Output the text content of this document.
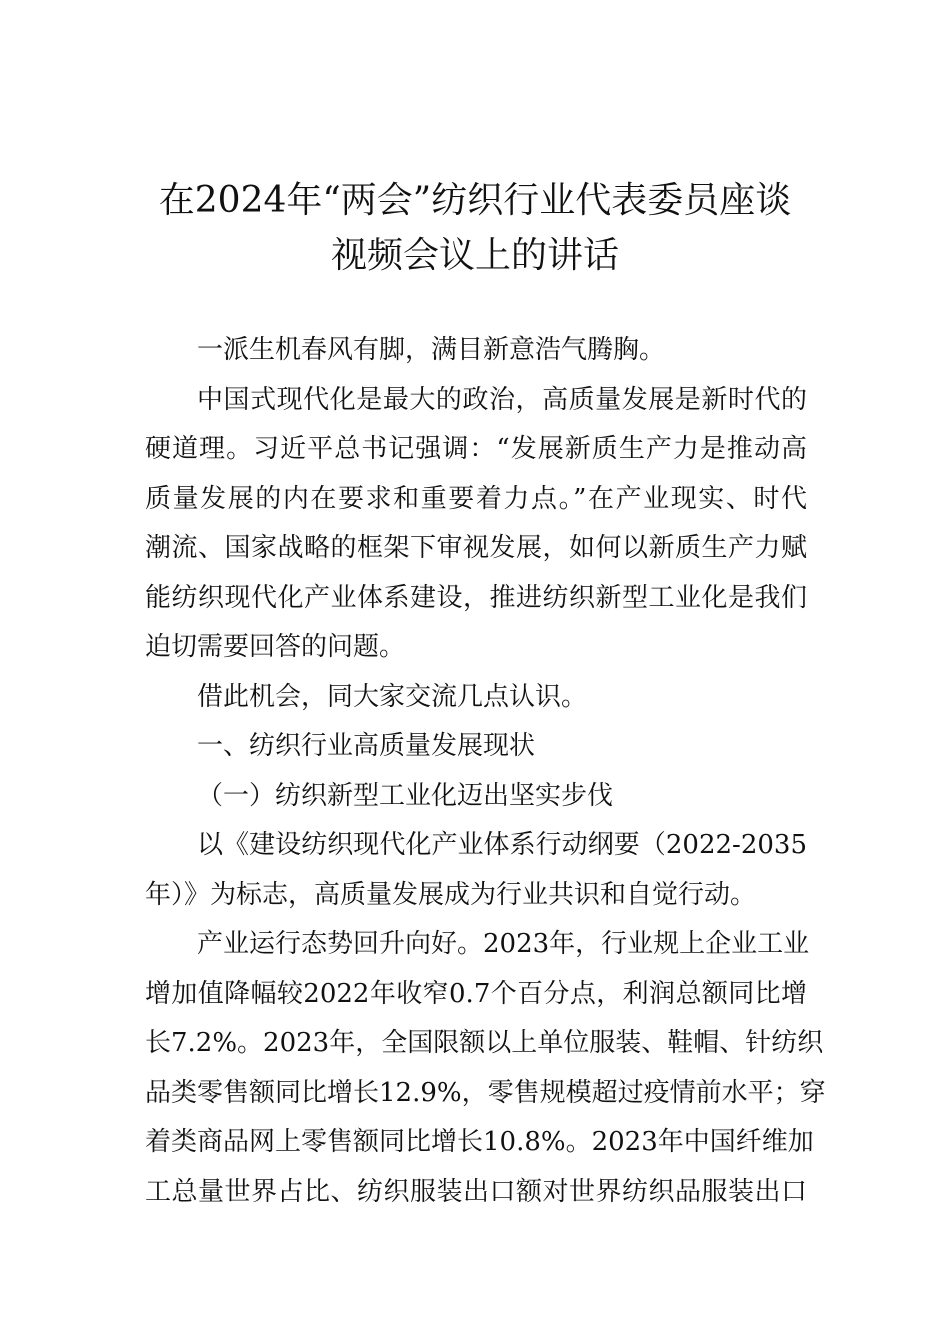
在2024年“两会”纺织行业代表委员座谈
视频会议上的讲话
一派生机春风有脚，满目新意浩气腾胸。
中国式现代化是最大的政治，高质量发展是新时代的
硬道理。习近平总书记强调：“发展新质生产力是推动高
质量发展的内在要求和重要着力点。”在产业现实、时代
潮流、国家战略的框架下审视发展，如何以新质生产力赋
能纺织现代化产业体系建设，推进纺织新型工业化是我们
迫切需要回答的问题。
借此机会，同大家交流几点认识。
一、纺织行业高质量发展现状
（一）纺织新型工业化迈出坚实步伐
以《建设纺织现代化产业体系行动纲要（2022-2035
年）》为标志，高质量发展成为行业共识和自觉行动。
产业运行态势回升向好。2023年，行业规上企业工业
增加值降幅较2022年收窄0.7个百分点，利润总额同比增
长7.2%。2023年，全国限额以上单位服装、鞋帽、针纺织
品类零售额同比增长12.9%，零售规模超过疫情前水平；穿
着类商品网上零售额同比增长10.8%。2023年中国纤维加
工总量世界占比、纺织服装出口额对世界纺织品服装出口
